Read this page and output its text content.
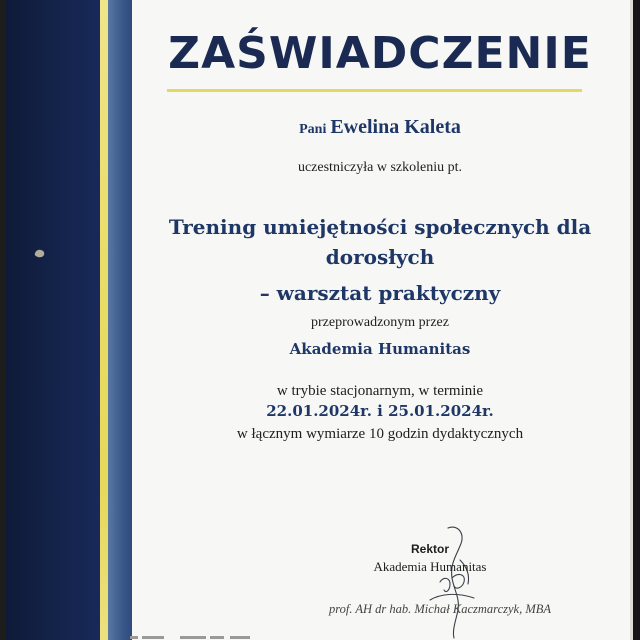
ZAŚWIADCZENIE
Pani Ewelina Kaleta
uczestniczyła w szkoleniu pt.
Trening umiejętności społecznych dla
dorosłych
– warsztat praktyczny
przeprowadzonym przez
Akademia Humanitas
w trybie stacjonarnym, w terminie
22.01.2024r. i 25.01.2024r.
w łącznym wymiarze 10 godzin dydaktycznych
Rektor
Akademia Humanitas
prof. AH dr hab. Michał Kaczmarczyk, MBA
